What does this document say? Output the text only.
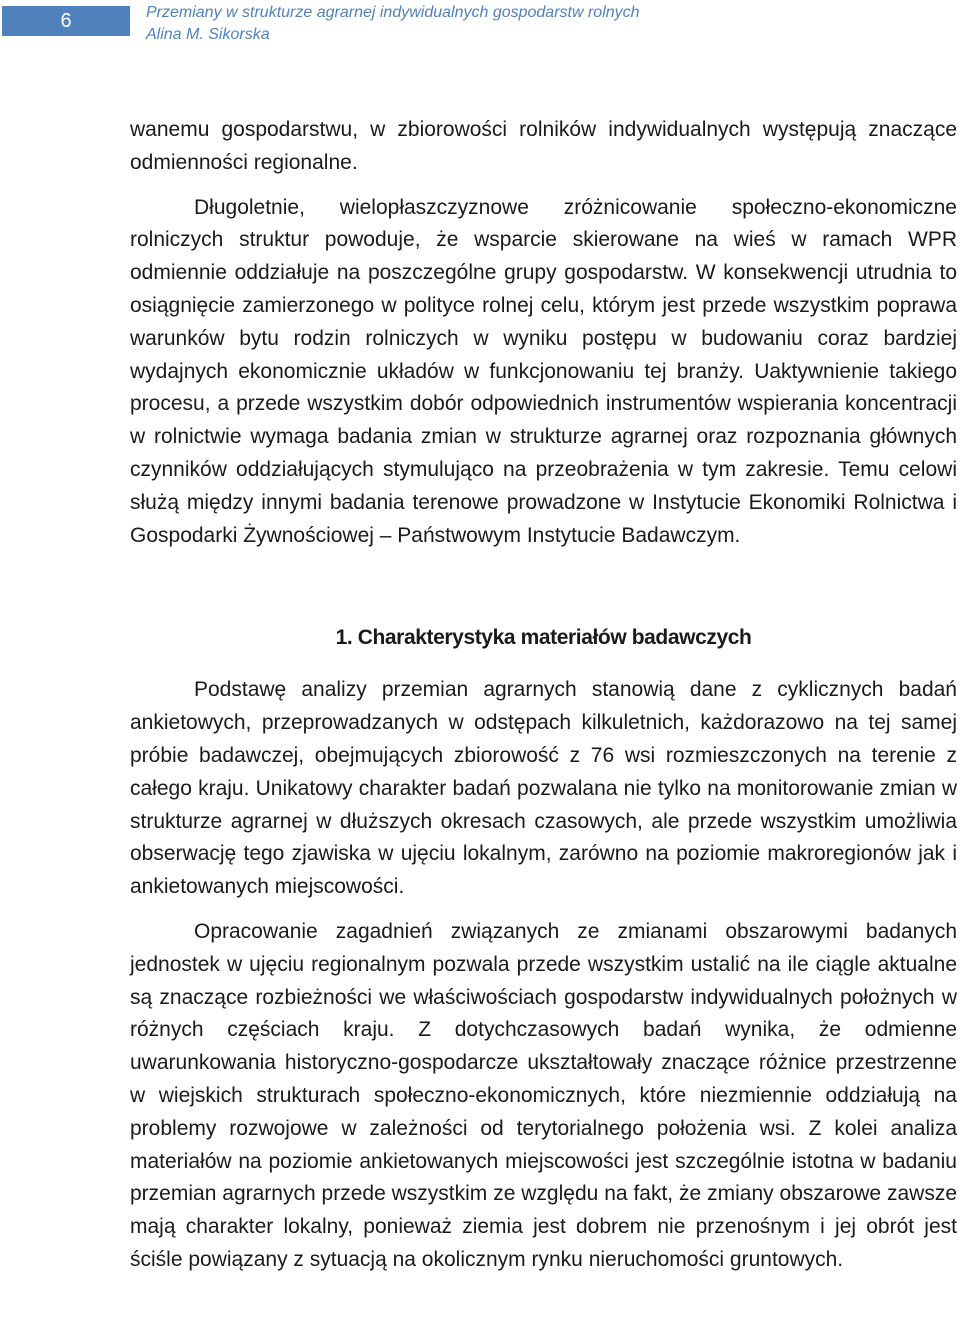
6	Przemiany w strukturze agrarnej indywidualnych gospodarstw rolnych
Alina M. Sikorska

wanemu gospodarstwu, w zbiorowości rolników indywidualnych występują znaczące odmienności regionalne.

Długoletnie, wielopłaszczyznowe zróżnicowanie społeczno-ekonomiczne rolniczych struktur powoduje, że wsparcie skierowane na wieś w ramach WPR odmiennie oddziałuje na poszczególne grupy gospodarstw. W konsekwencji utrudnia to osiągnięcie zamierzonego w polityce rolnej celu, którym jest przede wszystkim poprawa warunków bytu rodzin rolniczych w wyniku postępu w budowaniu coraz bardziej wydajnych ekonomicznie układów w funkcjonowaniu tej branży. Uaktywnienie takiego procesu, a przede wszystkim dobór odpowiednich instrumentów wspierania koncentracji w rolnictwie wymaga badania zmian w strukturze agrarnej oraz rozpoznania głównych czynników oddziałujących stymulująco na przeobrażenia w tym zakresie. Temu celowi służą między innymi badania terenowe prowadzone w Instytucie Ekonomiki Rolnictwa i Gospodarki Żywnościowej – Państwowym Instytucie Badawczym.

1. Charakterystyka materiałów badawczych

Podstawę analizy przemian agrarnych stanowią dane z cyklicznych badań ankietowych, przeprowadzanych w odstępach kilkuletnich, każdorazowo na tej samej próbie badawczej, obejmujących zbiorowość z 76 wsi rozmieszczonych na terenie z całego kraju. Unikatowy charakter badań pozwalana nie tylko na monitorowanie zmian w strukturze agrarnej w dłuższych okresach czasowych, ale przede wszystkim umożliwia obserwację tego zjawiska w ujęciu lokalnym, zarówno na poziomie makroregionów jak i ankietowanych miejscowości.

Opracowanie zagadnień związanych ze zmianami obszarowymi badanych jednostek w ujęciu regionalnym pozwala przede wszystkim ustalić na ile ciągle aktualne są znaczące rozbieżności we właściwościach gospodarstw indywidualnych położnych w różnych częściach kraju. Z dotychczasowych badań wynika, że odmienne uwarunkowania historyczno-gospodarcze ukształtowały znaczące różnice przestrzenne w wiejskich strukturach społeczno-ekonomicznych, które niezmiennie oddziałują na problemy rozwojowe w zależności od terytorialnego położenia wsi. Z kolei analiza materiałów na poziomie ankietowanych miejscowości jest szczególnie istotna w badaniu przemian agrarnych przede wszystkim ze względu na fakt, że zmiany obszarowe zawsze mają charakter lokalny, ponieważ ziemia jest dobrem nie przenośnym i jej obrót jest ściśle powiązany z sytuacją na okolicznym rynku nieruchomości gruntowych.
